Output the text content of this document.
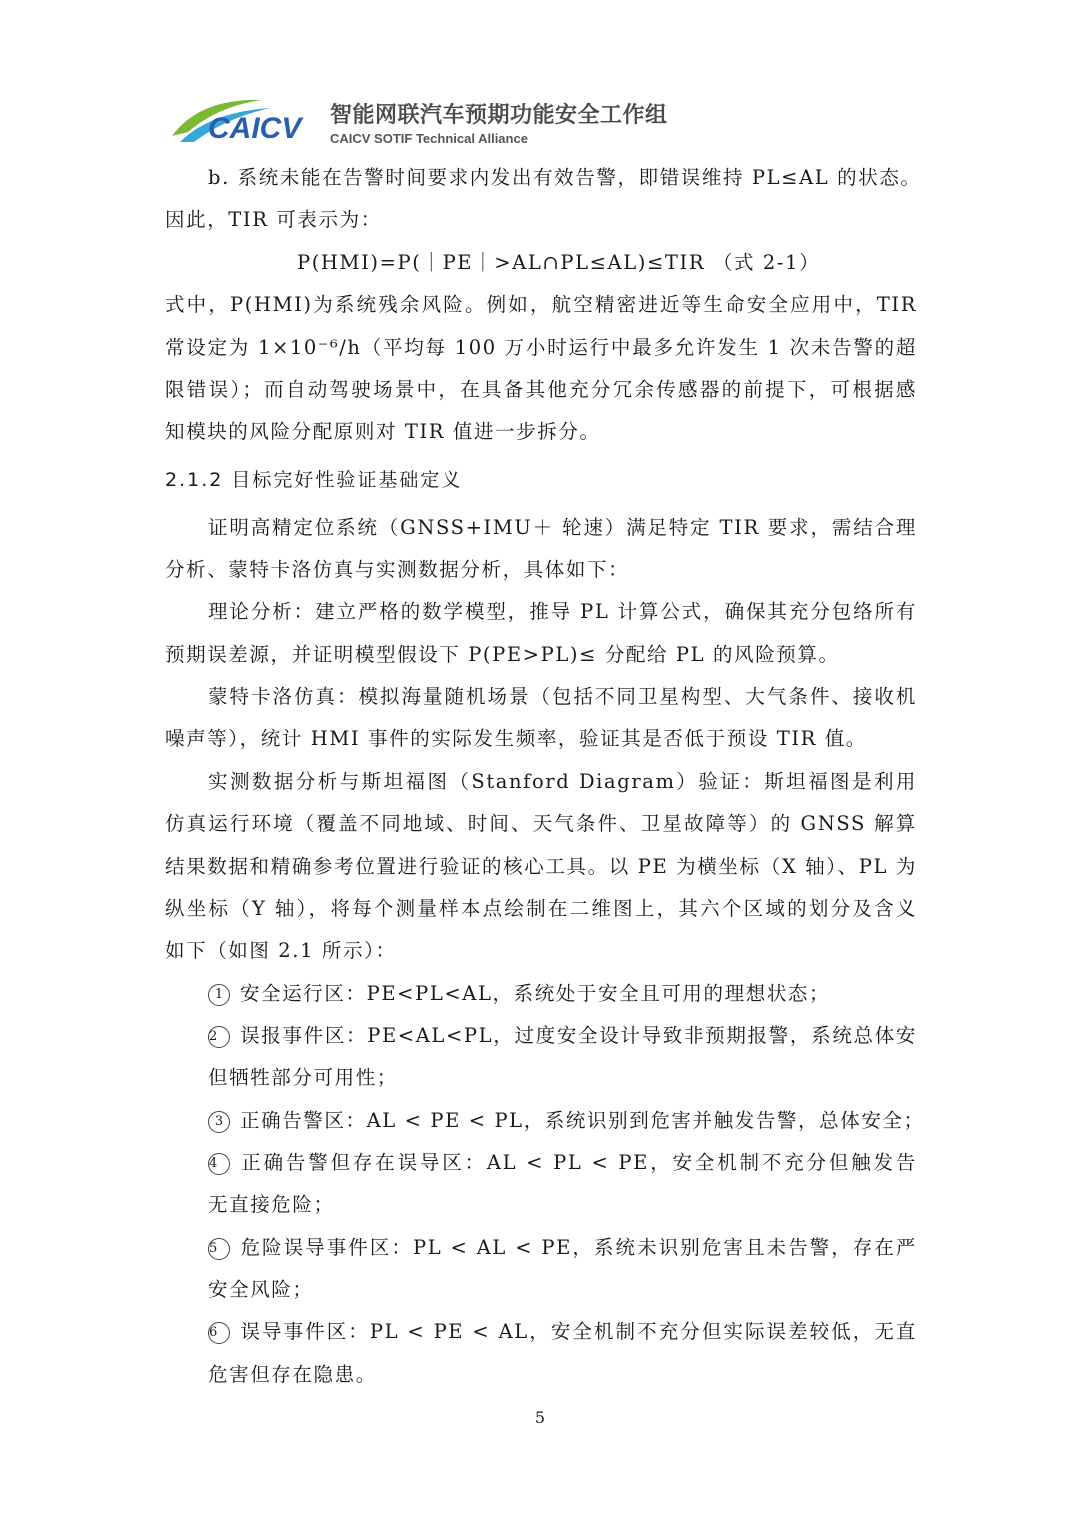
CAICV 智能网联汽车预期功能安全工作组
CAICV SOTIF Technical Alliance
b. 系统未能在告警时间要求内发出有效告警，即错误维持 PL≤AL 的状态。
因此，TIR 可表示为：
P(HMI)=P(｜PE｜>AL∩PL≤AL)≤TIR （式 2-1）
式中，P(HMI)为系统残余风险。例如，航空精密进近等生命安全应用中，TIR
常设定为 1×10⁻⁶/h（平均每 100 万小时运行中最多允许发生 1 次未告警的超
限错误）；而自动驾驶场景中，在具备其他充分冗余传感器的前提下，可根据感
知模块的风险分配原则对 TIR 值进一步拆分。
2.1.2 目标完好性验证基础定义
证明高精定位系统（GNSS+IMU＋ 轮速）满足特定 TIR 要求，需结合理
分析、蒙特卡洛仿真与实测数据分析，具体如下：
理论分析：建立严格的数学模型，推导 PL 计算公式，确保其充分包络所有
预期误差源，并证明模型假设下 P(PE>PL)≤ 分配给 PL 的风险预算。
蒙特卡洛仿真：模拟海量随机场景（包括不同卫星构型、大气条件、接收机
噪声等），统计 HMI 事件的实际发生频率，验证其是否低于预设 TIR 值。
实测数据分析与斯坦福图（Stanford Diagram）验证：斯坦福图是利用
仿真运行环境（覆盖不同地域、时间、天气条件、卫星故障等）的 GNSS 解算
结果数据和精确参考位置进行验证的核心工具。以 PE 为横坐标（X 轴）、PL 为
纵坐标（Y 轴），将每个测量样本点绘制在二维图上，其六个区域的划分及含义
如下（如图 2.1 所示）：
1 安全运行区：PE<PL<AL，系统处于安全且可用的理想状态；
2 误报事件区：PE<AL<PL，过度安全设计导致非预期报警，系统总体安
但牺牲部分可用性；
3 正确告警区：AL < PE < PL，系统识别到危害并触发告警，总体安全；
4 正确告警但存在误导区：AL < PL < PE，安全机制不充分但触发告
无直接危险；
5 危险误导事件区：PL < AL < PE，系统未识别危害且未告警，存在严
安全风险；
6 误导事件区：PL < PE < AL，安全机制不充分但实际误差较低，无直
危害但存在隐患。
5
